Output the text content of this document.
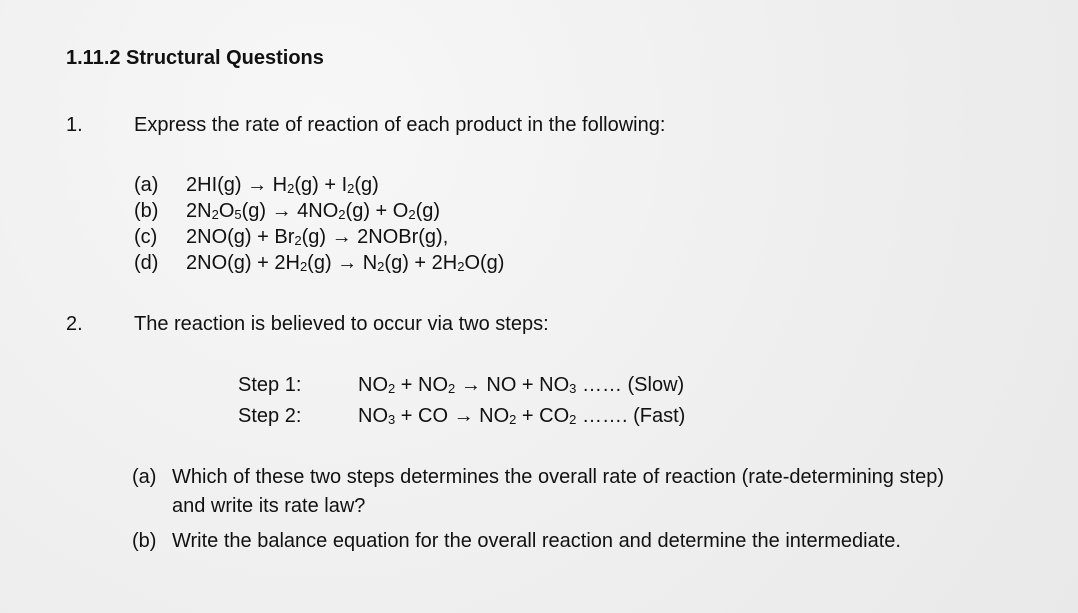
1.11.2 Structural Questions
1.	Express the rate of reaction of each product in the following:
(a)	$2HI(g) \to H_2(g) + I_2(g)$
(b)	$2N_2O_5(g) \to 4NO_2(g) + O_2(g)$
(c)	$2NO(g) + Br_2(g)$ → 2NOBr(g),
(d)	$2NO(g) + 2H_2(g) \to N_2(g) + 2H_2O(g)$
2.	The reaction is believed to occur via two steps:
Step 1:	$NO_2 + NO_2$ → NO + $NO_3$ …… (Slow)
Step 2:	$NO_3$ + CO → $NO_2 + CO_2$ ……. (Fast)
(a) Which of these two steps determines the overall rate of reaction (rate-determining step) and write its rate law?
(b) Write the balance equation for the overall reaction and determine the intermediate.
